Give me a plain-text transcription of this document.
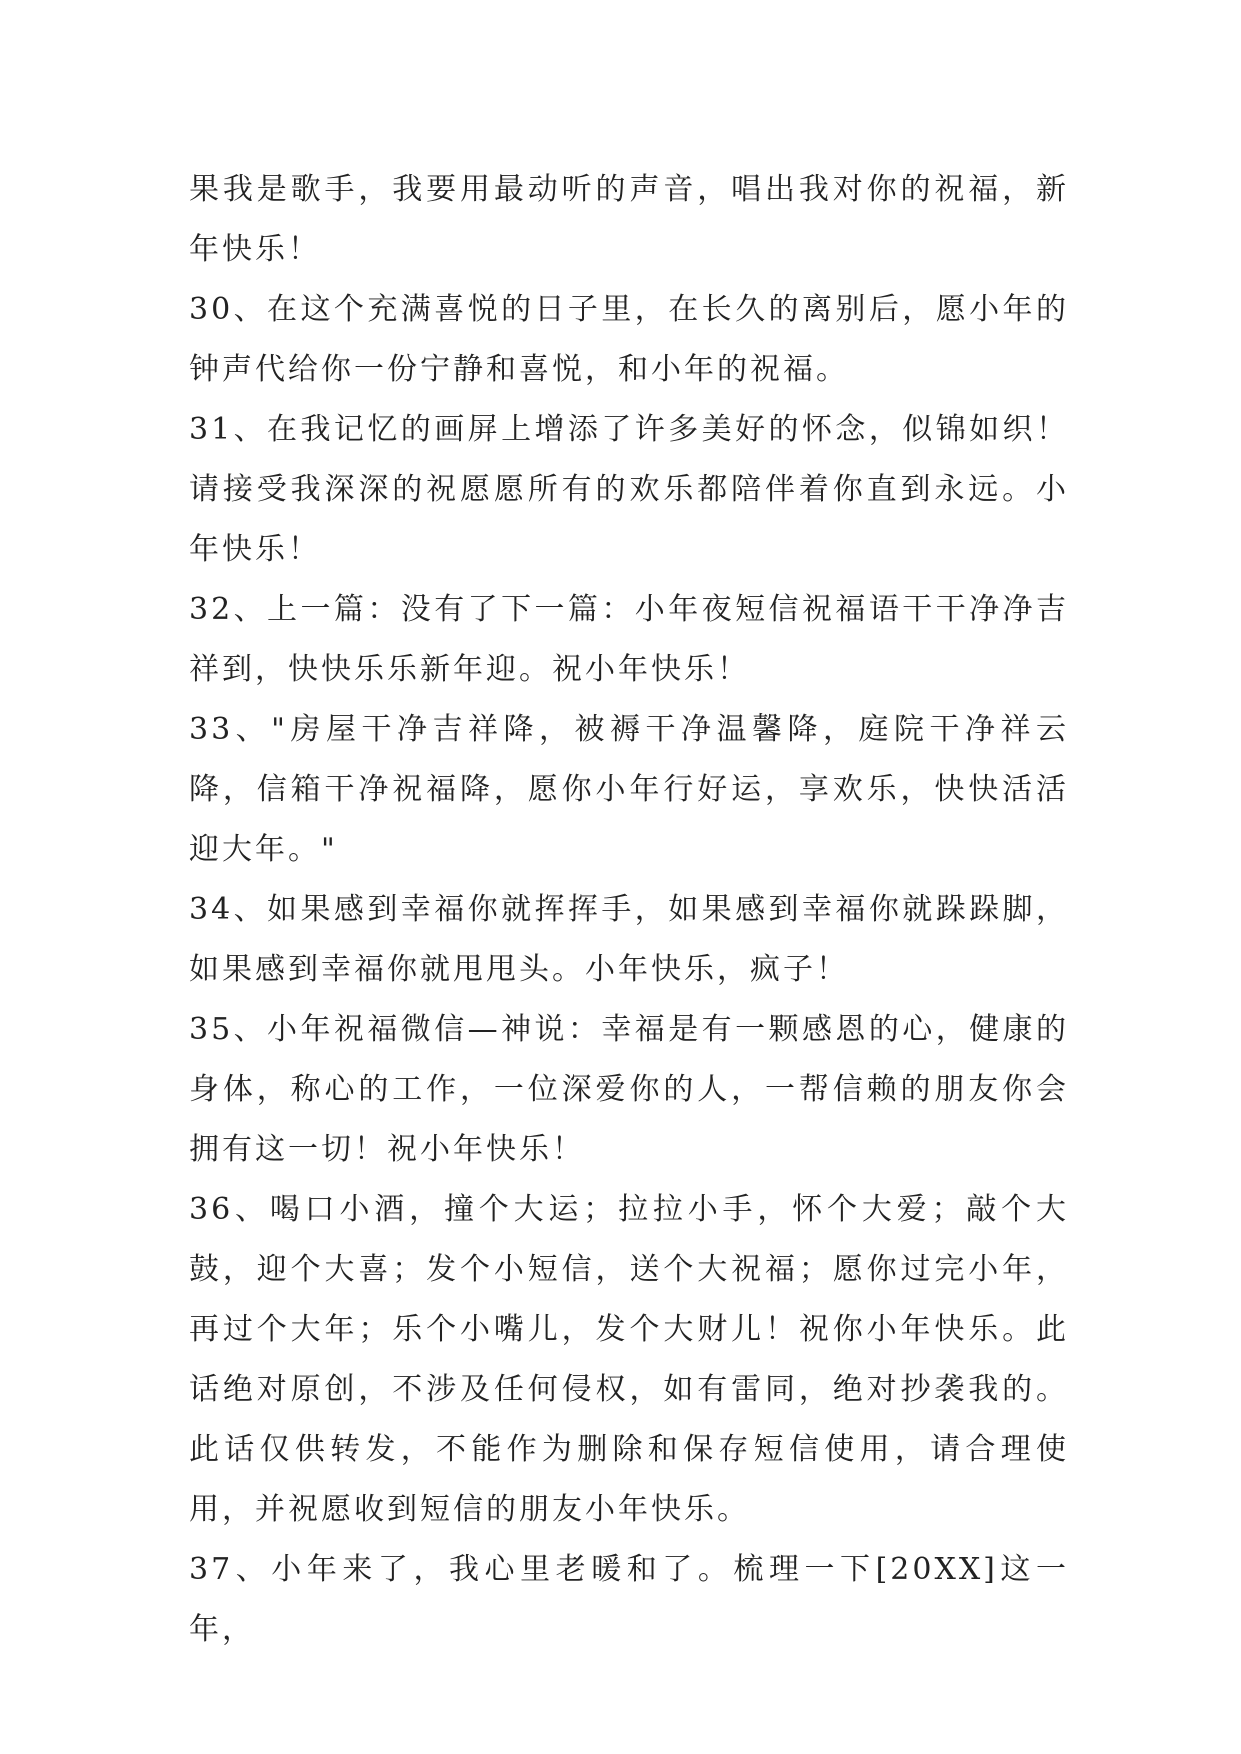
果我是歌手，我要用最动听的声音，唱出我对你的祝福，新年快乐！

30、在这个充满喜悦的日子里，在长久的离别后，愿小年的钟声代给你一份宁静和喜悦，和小年的祝福。

31、在我记忆的画屏上增添了许多美好的怀念，似锦如织！请接受我深深的祝愿愿所有的欢乐都陪伴着你直到永远。小年快乐！

32、上一篇：没有了下一篇：小年夜短信祝福语干干净净吉祥到，快快乐乐新年迎。祝小年快乐！

33、"房屋干净吉祥降，被褥干净温馨降，庭院干净祥云降，信箱干净祝福降，愿你小年行好运，享欢乐，快快活活迎大年。"

34、如果感到幸福你就挥挥手，如果感到幸福你就跺跺脚，如果感到幸福你就甩甩头。小年快乐，疯子！

35、小年祝福微信—神说：幸福是有一颗感恩的心，健康的身体，称心的工作，一位深爱你的人，一帮信赖的朋友你会拥有这一切！祝小年快乐！

36、喝口小酒，撞个大运；拉拉小手，怀个大爱；敲个大鼓，迎个大喜；发个小短信，送个大祝福；愿你过完小年，再过个大年；乐个小嘴儿，发个大财儿！祝你小年快乐。此话绝对原创，不涉及任何侵权，如有雷同，绝对抄袭我的。此话仅供转发，不能作为删除和保存短信使用，请合理使用，并祝愿收到短信的朋友小年快乐。

37、小年来了，我心里老暖和了。梳理一下[20XX]这一年，
